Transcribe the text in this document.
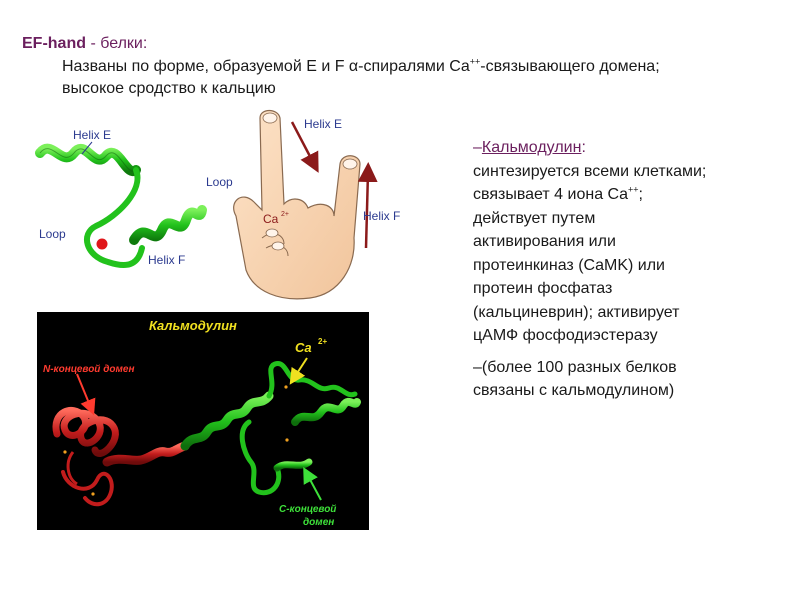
EF-hand - белки:
Названы по форме, образуемой E и F α-спиралями Ca++-связывающего домена;
высокое сродство к кальцию
Helix E
Loop
Helix F
Helix E
Loop
Ca 2+	Helix F
Кальмодулин
N-концевой домен
Ca 2+
C-концевой
домен

–Кальмодулин:

синтезируется всеми клетками;

связывает 4 иона Ca++;

действует путем

активирования или

протеинкиназ (CaMK) или

протеин фосфатаз

(кальциневрин); активирует

цАМФ фосфодиэстеразу

–(более 100 разных белков

связаны с кальмодулином)
